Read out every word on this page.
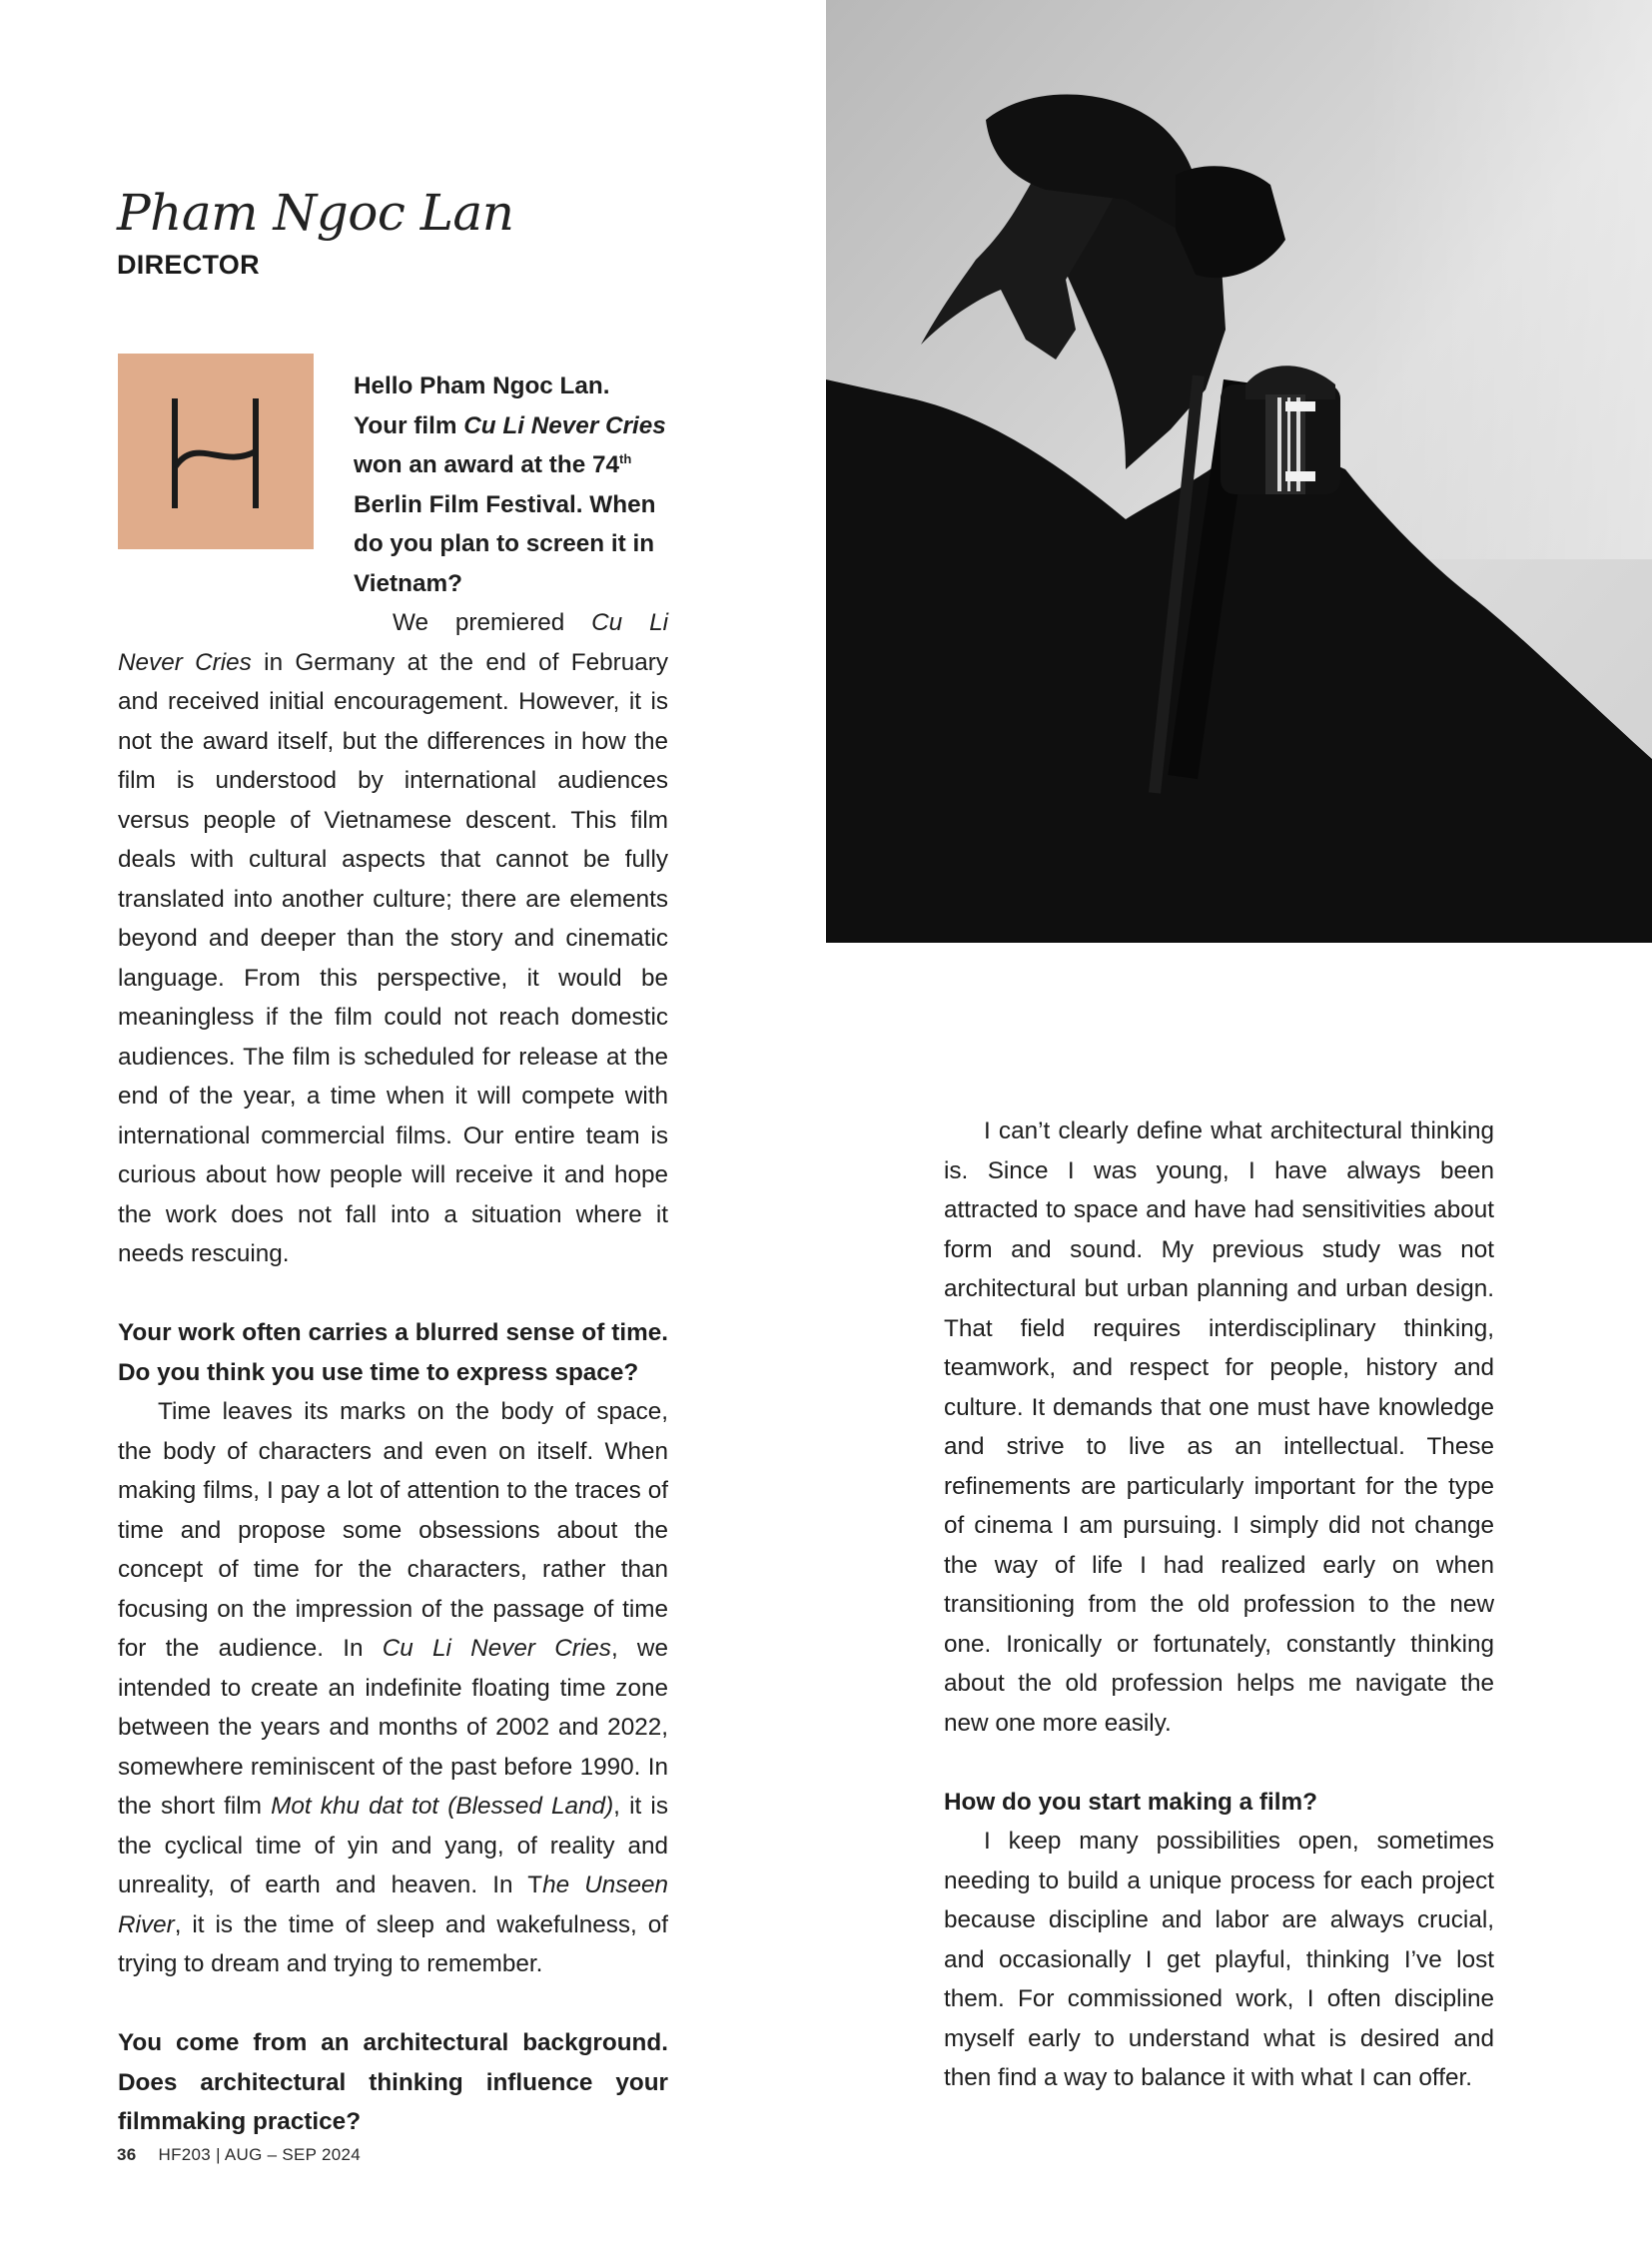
Pham Ngoc Lan
DIRECTOR

Hello Pham Ngoc Lan. Your film Cu Li Never Cries won an award at the 74th Berlin Film Festival. When do you plan to screen it in Vietnam?

We premiered Cu Li Never Cries in Germany at the end of February and received initial encouragement. However, it is not the award itself, but the differences in how the film is understood by international audiences versus people of Vietnamese descent. This film deals with cultural aspects that cannot be fully translated into another culture; there are elements beyond and deeper than the story and cinematic language. From this perspective, it would be meaningless if the film could not reach domestic audiences. The film is scheduled for release at the end of the year, a time when it will compete with international commercial films. Our entire team is curious about how people will receive it and hope the work does not fall into a situation where it needs rescuing.

Your work often carries a blurred sense of time. Do you think you use time to express space?

Time leaves its marks on the body of space, the body of characters and even on itself. When making films, I pay a lot of attention to the traces of time and propose some obsessions about the concept of time for the characters, rather than focusing on the impression of the passage of time for the audience. In Cu Li Never Cries, we intended to create an indefinite floating time zone between the years and months of 2002 and 2022, somewhere reminiscent of the past before 1990. In the short film Mot khu dat tot (Blessed Land), it is the cyclical time of yin and yang, of reality and unreality, of earth and heaven. In The Unseen River, it is the time of sleep and wakefulness, of trying to dream and trying to remember.

You come from an architectural background. Does architectural thinking influence your filmmaking practice?

I can’t clearly define what architectural thinking is. Since I was young, I have always been attracted to space and have had sensitivities about form and sound. My previous study was not architectural but urban planning and urban design. That field requires interdisciplinary thinking, teamwork, and respect for people, history and culture. It demands that one must have knowledge and strive to live as an intellectual. These refinements are particularly important for the type of cinema I am pursuing. I simply did not change the way of life I had realized early on when transitioning from the old profession to the new one. Ironically or fortunately, constantly thinking about the old profession helps me navigate the new one more easily.

How do you start making a film?

I keep many possibilities open, sometimes needing to build a unique process for each project because discipline and labor are always crucial, and occasionally I get playful, thinking I’ve lost them. For commissioned work, I often discipline myself early to understand what is desired and then find a way to balance it with what I can offer.

36 HF203 | AUG – SEP 2024
